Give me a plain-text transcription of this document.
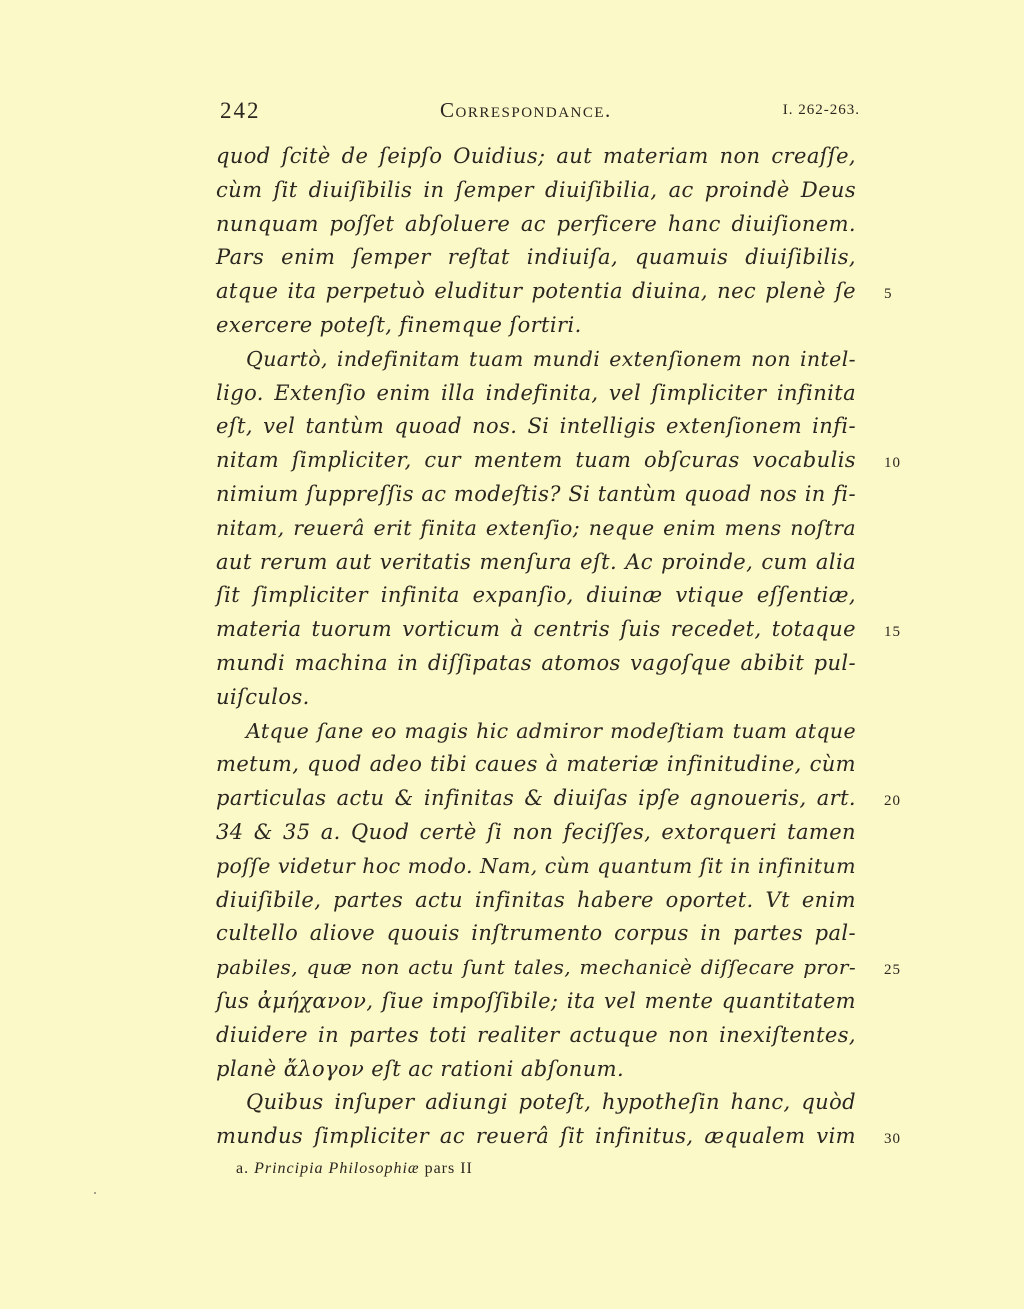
242	Correspondance.	I. 262-263.
quod ſcitè de ſeipſo Ouidius; aut materiam non creaſſe,
cùm ſit diuiſibilis in ſemper diuiſibilia, ac proindè Deus
nunquam poſſet abſoluere ac perficere hanc diuiſionem.
Pars enim ſemper reſtat indiuiſa, quamuis diuiſibilis,
atque ita perpetuò eluditur potentia diuina, nec plenè ſe
exercere poteſt, finemque ſortiri.
Quartò, indefinitam tuam mundi extenſionem non intel-
ligo. Extenſio enim illa indefinita, vel ſimpliciter infinita
eſt, vel tantùm quoad nos. Si intelligis extenſionem infi-
nitam ſimpliciter, cur mentem tuam obſcuras vocabulis
nimium ſuppreſſis ac modeſtis? Si tantùm quoad nos in fi-
nitam, reuerâ erit finita extenſio; neque enim mens noſtra
aut rerum aut veritatis menſura eſt. Ac proinde, cum alia
ſit ſimpliciter infinita expanſio, diuinæ vtique eſſentiæ,
materia tuorum vorticum à centris ſuis recedet, totaque
mundi machina in diſſipatas atomos vagoſque abibit pul-
uiſculos.
Atque ſane eo magis hic admiror modeſtiam tuam atque
metum, quod adeo tibi caues à materiæ infinitudine, cùm
particulas actu & infinitas & diuiſas ipſe agnoueris, art.
34 & 35 a. Quod certè ſi non feciſſes, extorqueri tamen
poſſe videtur hoc modo. Nam, cùm quantum ſit in infinitum
diuiſibile, partes actu infinitas habere oportet. Vt enim
cultello aliove quouis inſtrumento corpus in partes pal-
pabiles, quæ non actu ſunt tales, mechanicè diſſecare pror-
ſus ἀμήχανον, ſiue impoſſibile; ita vel mente quantitatem
diuidere in partes toti realiter actuque non inexiſtentes,
planè ἄλογον eſt ac rationi abſonum.
Quibus inſuper adiungi poteſt, hypotheſin hanc, quòd
mundus ſimpliciter ac reuerâ ſit infinitus, æqualem vim
5
10
15
20
25
30
a. Principia Philosophiæ pars II
